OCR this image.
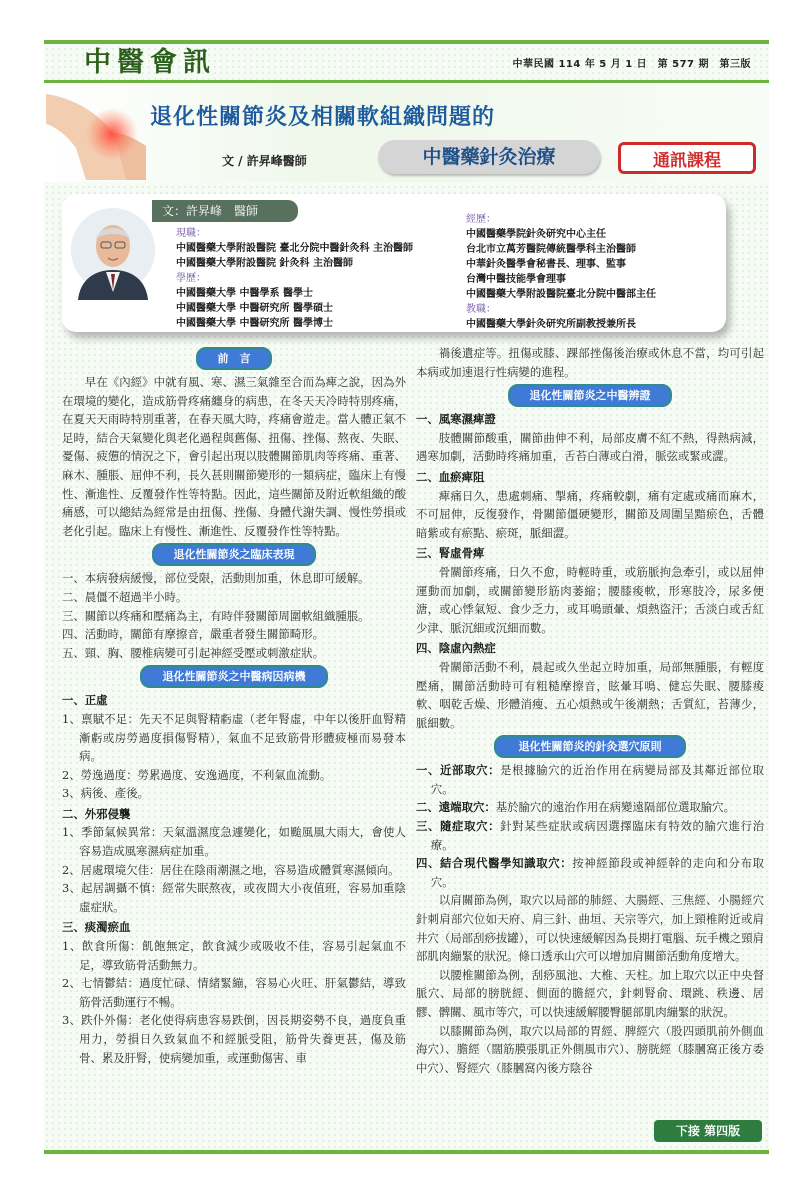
中醫會訊	中華民國 114 年 5 月 1 日　第 577 期　第三版
退化性關節炎及相關軟組織問題的
文 / 許昇峰醫師	中醫藥針灸治療	通訊課程
文：許昇峰　醫師
現職：
中國醫藥大學附設醫院 臺北分院中醫針灸科 主治醫師
中國醫藥大學附設醫院 針灸科 主治醫師
學歷：
中國醫藥大學 中醫學系 醫學士
中國醫藥大學 中醫研究所 醫學碩士
中國醫藥大學 中醫研究所 醫學博士
經歷：
中國醫藥學院針灸研究中心主任
台北市立萬芳醫院傳統醫學科主治醫師
中華針灸醫學會秘書長、理事、監事
台灣中醫技能學會理事
中國醫藥大學附設醫院臺北分院中醫部主任
教職：
中國醫藥大學針灸研究所副教授兼所長
前　言

早在《內經》中就有風、寒、濕三氣雜至合而為痺之說，因為外在環境的變化，造成筋骨疼痛纏身的病患，在冬天天冷時特別疼痛，在夏天天雨時特別重著，在春天風大時，疼痛會遊走。當人體正氣不足時，結合天氣變化與老化過程與舊傷、扭傷、挫傷、熬夜、失眠、憂傷、疲憊的情況之下，會引起出現以肢體關節肌肉等疼痛、重著、麻木、腫脹、屈伸不利，長久甚則關節變形的一類病症，臨床上有慢性、漸進性、反覆發作性等特點。因此，這些關節及附近軟組織的酸痛感，可以總結為經常是由扭傷、挫傷、身體代謝失調、慢性勞損或老化引起。臨床上有慢性、漸進性、反覆發作性等特點。

退化性關節炎之臨床表現
一、本病發病緩慢，部位受限，活動則加重，休息即可緩解。
二、晨僵不超過半小時。
三、關節以疼痛和壓痛為主，有時伴發關節周圍軟組織腫脹。
四、活動時，關節有摩擦音，嚴重者發生關節畸形。
五、頸、胸、腰椎病變可引起神經受壓或刺激症狀。
退化性關節炎之中醫病因病機
一、正虛
1、禀賦不足：先天不足與腎精虧虛（老年腎虛，中年以後肝血腎精漸虧或房勞過度損傷腎精），氣血不足致筋骨形體疲極而易發本病。
2、勞逸過度：勞累過度、安逸過度，不利氣血流動。
3、病後、產後。
二、外邪侵襲
1、季節氣候異常：天氣溫濕度急遽變化，如颱風風大雨大，會使人容易造成風寒濕病症加重。
2、居處環境欠佳：居住在陰雨潮濕之地，容易造成體質寒濕傾向。
3、起居調攝不慎：經常失眠熬夜，或夜間大小夜值班，容易加重陰虛症狀。
三、痰濁瘀血
1、飲食所傷：飢飽無定，飲食減少或吸收不佳，容易引起氣血不足，導致筋骨活動無力。
2、七情鬱結：過度忙碌、情緒緊繃，容易心火旺、肝氣鬱結，導致筋骨活動運行不暢。
3、跌仆外傷：老化使得病患容易跌倒，因長期姿勢不良，過度負重用力，勞損日久致氣血不和經脈受阻，筋骨失養更甚，傷及筋骨、累及肝腎，使病變加重，或運動傷害、車

禍後遺症等。扭傷或膝、踝部挫傷後治療或休息不當，均可引起本病或加速退行性病變的進程。

退化性關節炎之中醫辨證
一、風寒濕痺證

肢體關節酸重，關節曲伸不利，局部皮膚不紅不熱，得熱病減，遇寒加劇，活動時疼痛加重，舌苔白薄或白滑，脈弦或緊或澀。

二、血瘀痺阻

痺痛日久，患處刺痛、掣痛，疼痛較劇，痛有定處或痛而麻木，不可屈伸，反復發作，骨關節僵硬變形，關節及周圍呈黯瘀色，舌體暗紫或有瘀點、瘀斑，脈細澀。

三、腎虛骨痺

骨關節疼痛，日久不愈，時輕時重，或筋脈拘急牽引，或以屈伸運動而加劇，或關節變形筋肉萎縮；腰膝痠軟，形寒肢冷，尿多便溏，或心悸氣短、食少乏力，或耳鳴頭暈、煩熱盜汗；舌淡白或舌紅少津、脈沉細或沉細而數。

四、陰虛內熱症

骨關節活動不利，晨起或久坐起立時加重，局部無腫脹，有輕度壓痛，關節活動時可有粗糙摩擦音，眩暈耳鳴、健忘失眠、腰膝痠軟、咽乾舌燥、形體消瘦、五心煩熱或午後潮熱；舌質紅，苔薄少，脈細數。

退化性關節炎的針灸選穴原則
一、近部取穴：是根據腧穴的近治作用在病變局部及其鄰近部位取穴。
二、遠端取穴：基於腧穴的遠治作用在病變遠隔部位選取腧穴。
三、隨症取穴：針對某些症狀或病因選擇臨床有特效的腧穴進行治療。
四、結合現代醫學知識取穴：按神經節段或神經幹的走向和分布取穴。

以肩關節為例，取穴以局部的肺經、大腸經、三焦經、小腸經穴針刺肩部穴位如天府、肩三針、曲垣、天宗等穴，加上頸椎附近或肩井穴（局部刮痧拔罐），可以快速緩解因為長期打電腦、玩手機之頸肩部肌肉繃緊的狀況。條口透承山穴可以增加肩關節活動角度增大。

以腰椎關節為例，刮痧風池、大椎、天柱。加上取穴以正中央督脈穴、局部的膀胱經、側面的膽經穴，針刺腎俞、環跳、秩邊、居髎、髀關、風市等穴，可以快速緩解腰臀腿部肌肉繃緊的狀況。

以膝關節為例，取穴以局部的胃經、脾經穴（股四頭肌前外側血海穴）、膽經（闊筋膜張肌正外側風市穴）、膀胱經（膝膕窩正後方委中穴）、腎經穴（膝膕窩內後方陰谷

下接 第四版
